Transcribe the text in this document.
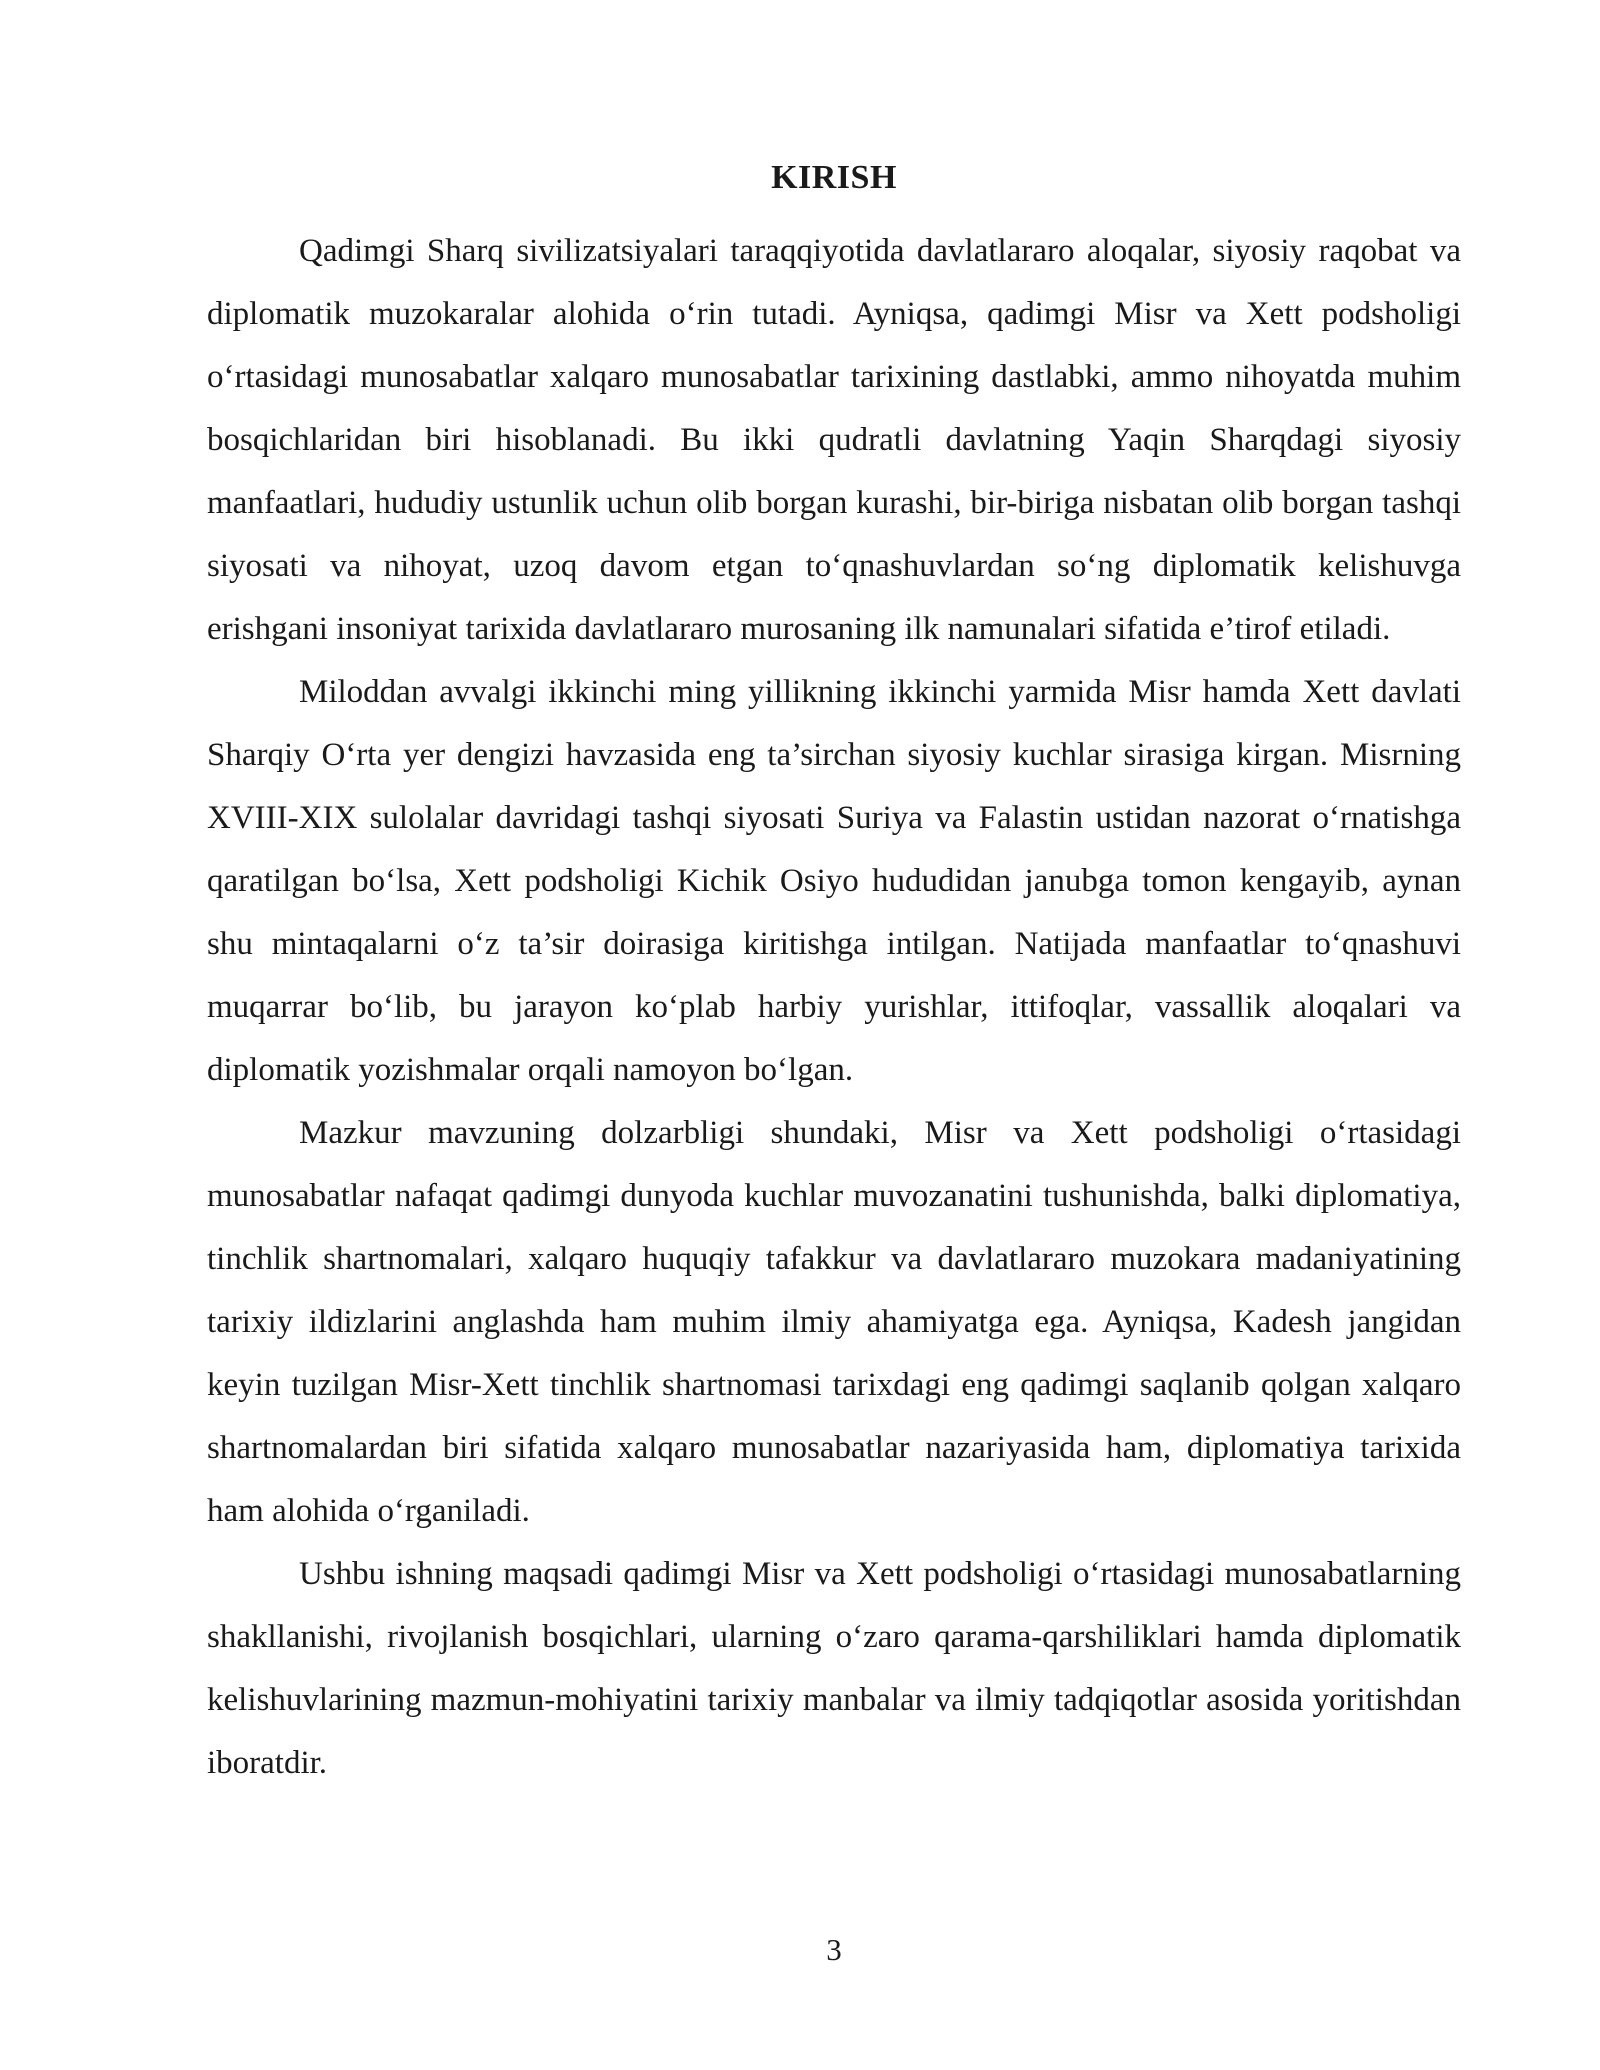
KIRISH

Qadimgi Sharq sivilizatsiyalari taraqqiyotida davlatlararo aloqalar, siyosiy raqobat va diplomatik muzokaralar alohida o‘rin tutadi. Ayniqsa, qadimgi Misr va Xett podsholigi o‘rtasidagi munosabatlar xalqaro munosabatlar tarixining dastlabki, ammo nihoyatda muhim bosqichlaridan biri hisoblanadi. Bu ikki qudratli davlatning Yaqin Sharqdagi siyosiy manfaatlari, hududiy ustunlik uchun olib borgan kurashi, bir-biriga nisbatan olib borgan tashqi siyosati va nihoyat, uzoq davom etgan to‘qnashuvlardan so‘ng diplomatik kelishuvga erishgani insoniyat tarixida davlatlararo murosaning ilk namunalari sifatida e’tirof etiladi.

Miloddan avvalgi ikkinchi ming yillikning ikkinchi yarmida Misr hamda Xett davlati Sharqiy O‘rta yer dengizi havzasida eng ta’sirchan siyosiy kuchlar sirasiga kirgan. Misrning XVIII-XIX sulolalar davridagi tashqi siyosati Suriya va Falastin ustidan nazorat o‘rnatishga qaratilgan bo‘lsa, Xett podsholigi Kichik Osiyo hududidan janubga tomon kengayib, aynan shu mintaqalarni o‘z ta’sir doirasiga kiritishga intilgan. Natijada manfaatlar to‘qnashuvi muqarrar bo‘lib, bu jarayon ko‘plab harbiy yurishlar, ittifoqlar, vassallik aloqalari va diplomatik yozishmalar orqali namoyon bo‘lgan.

Mazkur mavzuning dolzarbligi shundaki, Misr va Xett podsholigi o‘rtasidagi munosabatlar nafaqat qadimgi dunyoda kuchlar muvozanatini tushunishda, balki diplomatiya, tinchlik shartnomalari, xalqaro huquqiy tafakkur va davlatlararo muzokara madaniyatining tarixiy ildizlarini anglashda ham muhim ilmiy ahamiyatga ega. Ayniqsa, Kadesh jangidan keyin tuzilgan Misr-Xett tinchlik shartnomasi tarixdagi eng qadimgi saqlanib qolgan xalqaro shartnomalardan biri sifatida xalqaro munosabatlar nazariyasida ham, diplomatiya tarixida ham alohida o‘rganiladi.

Ushbu ishning maqsadi qadimgi Misr va Xett podsholigi o‘rtasidagi munosabatlarning shakllanishi, rivojlanish bosqichlari, ularning o‘zaro qarama-qarshiliklari hamda diplomatik kelishuvlarining mazmun-mohiyatini tarixiy manbalar va ilmiy tadqiqotlar asosida yoritishdan iboratdir.

3
